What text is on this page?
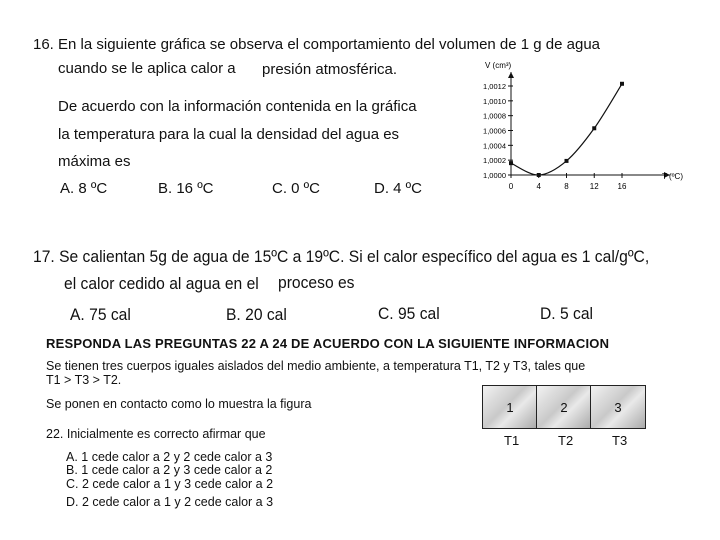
16. En la siguiente gráfica se observa el comportamiento del volumen de 1 g de agua
cuando se le aplica calor a presión atmosférica.
De acuerdo con la información contenida en la gráfica
la temperatura para la cual la densidad del agua es
máxima es
A. 8 ºC	B. 16 ºC	C. 0 ºC	D. 4 ºC
V (cm³)
T (ºC)
1,0000
1,0002
1,0004
1,0006
1,0008
1,0010
1,0012
0	4	8	12 16
17. Se calientan 5g de agua de 15ºC a 19ºC. Si el calor específico del agua es 1 cal/gºC,
el calor cedido al agua en el proceso es
A. 75 cal	B. 20 cal	C. 95 cal	D. 5 cal
RESPONDA LAS PREGUNTAS 22 A 24 DE ACUERDO CON LA SIGUIENTE INFORMACION
Se tienen tres cuerpos iguales aislados del medio ambiente, a temperatura T1, T2 y T3, tales que
T1 > T3 > T2.
Se ponen en contacto como lo muestra la figura	1	2	3
T1	T2	T3
22. Inicialmente es correcto afirmar que
A. 1 cede calor a 2 y 2 cede calor a 3
B. 1 cede calor a 2 y 3 cede calor a 2
C. 2 cede calor a 1 y 3 cede calor a 2
D. 2 cede calor a 1 y 2 cede calor a 3
